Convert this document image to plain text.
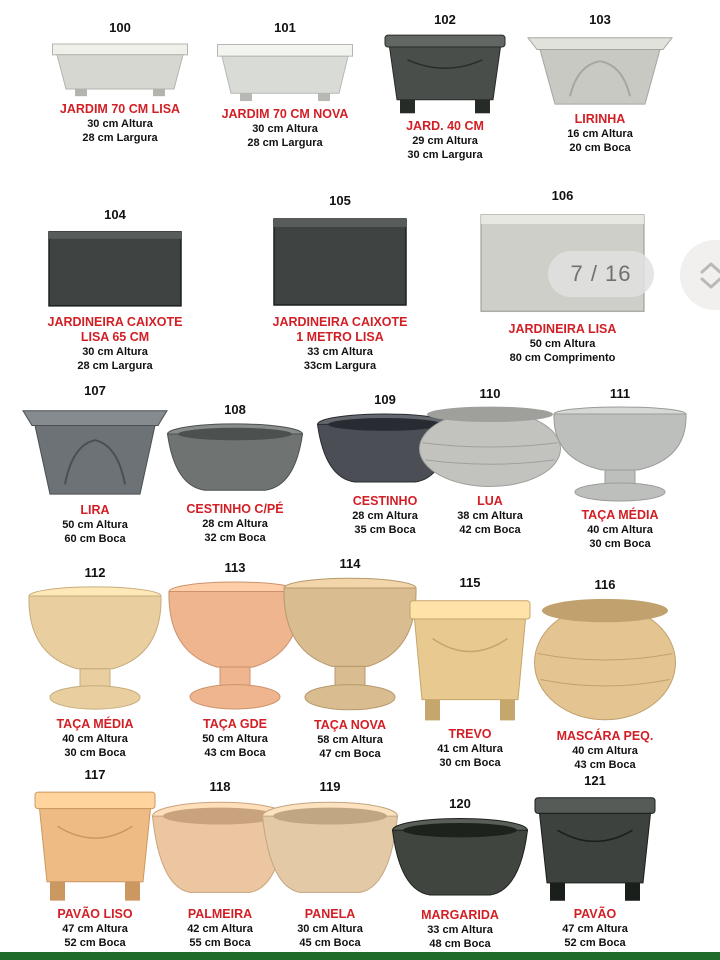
100
JARDIM 70 CM LISA
30 cm Altura
28 cm Largura
101
JARDIM 70 CM NOVA
30 cm Altura
28 cm Largura
102
JARD. 40 CM
29 cm Altura
30 cm Largura
103
LIRINHA
16 cm Altura
20 cm Boca
104
JARDINEIRA CAIXOTE
LISA 65 CM
30 cm Altura
28 cm Largura
105
JARDINEIRA CAIXOTE
1 METRO LISA
33 cm Altura
33cm Largura
106
JARDINEIRA LISA
50 cm Altura
80 cm Comprimento
107
LIRA
50 cm Altura
60 cm Boca
108
CESTINHO C/PÉ
28 cm Altura
32 cm Boca
109
CESTINHO
28 cm Altura
35 cm Boca
110
LUA
38 cm Altura
42 cm Boca
111
TAÇA MÉDIA
40 cm Altura
30 cm Boca
112
TAÇA MÉDIA
40 cm Altura
30 cm Boca
113
TAÇA GDE
50 cm Altura
43 cm Boca
114
TAÇA NOVA
58 cm Altura
47 cm Boca
115
TREVO
41 cm Altura
30 cm Boca
116
MASCÁRA PEQ.
40 cm Altura
43 cm Boca
117
PAVÃO LISO
47 cm Altura
52 cm Boca
118
PALMEIRA
42 cm Altura
55 cm Boca
119
PANELA
30 cm Altura
45 cm Boca
120
MARGARIDA
33 cm Altura
48 cm Boca
121
PAVÃO
47 cm Altura
52 cm Boca
7 / 16
